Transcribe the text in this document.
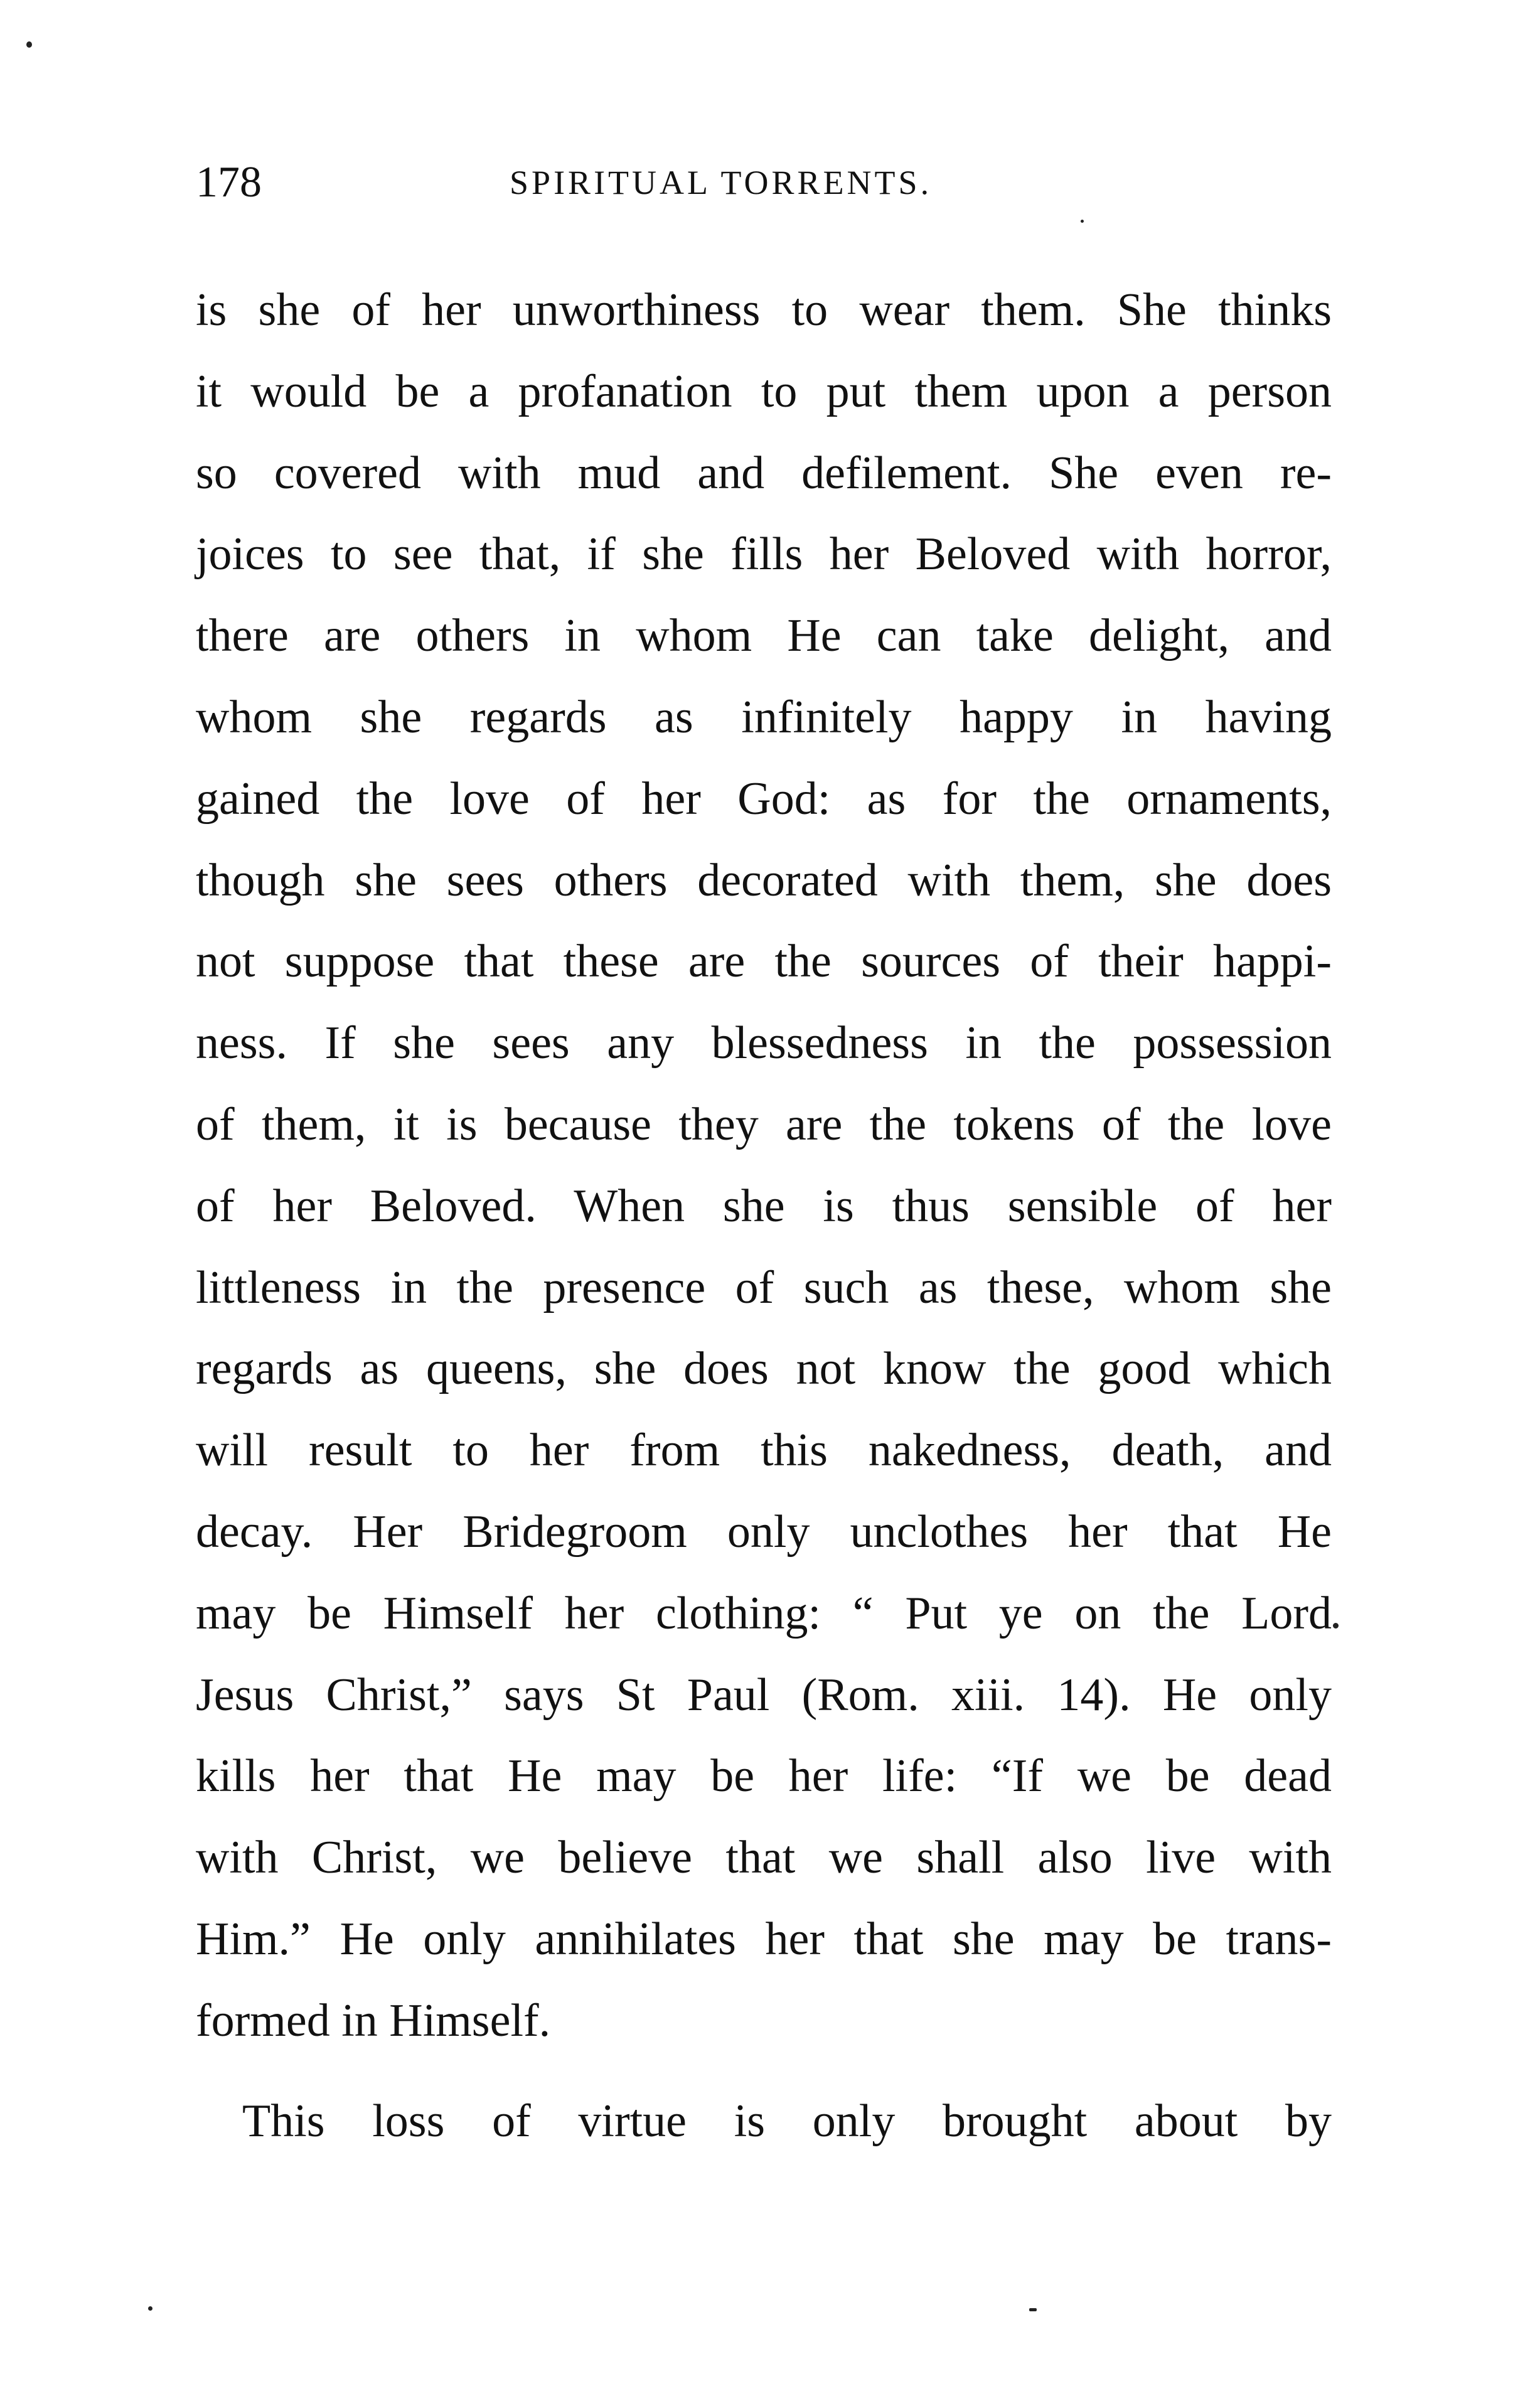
178	SPIRITUAL TORRENTS.
is she of her unworthiness to wear them. She thinks
it would be a profanation to put them upon a person
so covered with mud and defilement. She even re-
joices to see that, if she fills her Beloved with horror,
there are others in whom He can take delight, and
whom she regards as infinitely happy in having
gained the love of her God: as for the ornaments,
though she sees others decorated with them, she does
not suppose that these are the sources of their happi-
ness. If she sees any blessedness in the possession
of them, it is because they are the tokens of the love
of her Beloved. When she is thus sensible of her
littleness in the presence of such as these, whom she
regards as queens, she does not know the good which
will result to her from this nakedness, death, and
decay. Her Bridegroom only unclothes her that He
may be Himself her clothing: “ Put ye on the Lord
Jesus Christ,” says St Paul (Rom. xiii. 14). He only
kills her that He may be her life: “If we be dead
with Christ, we believe that we shall also live with
Him.” He only annihilates her that she may be trans-
formed in Himself.
This loss of virtue is only brought about by
